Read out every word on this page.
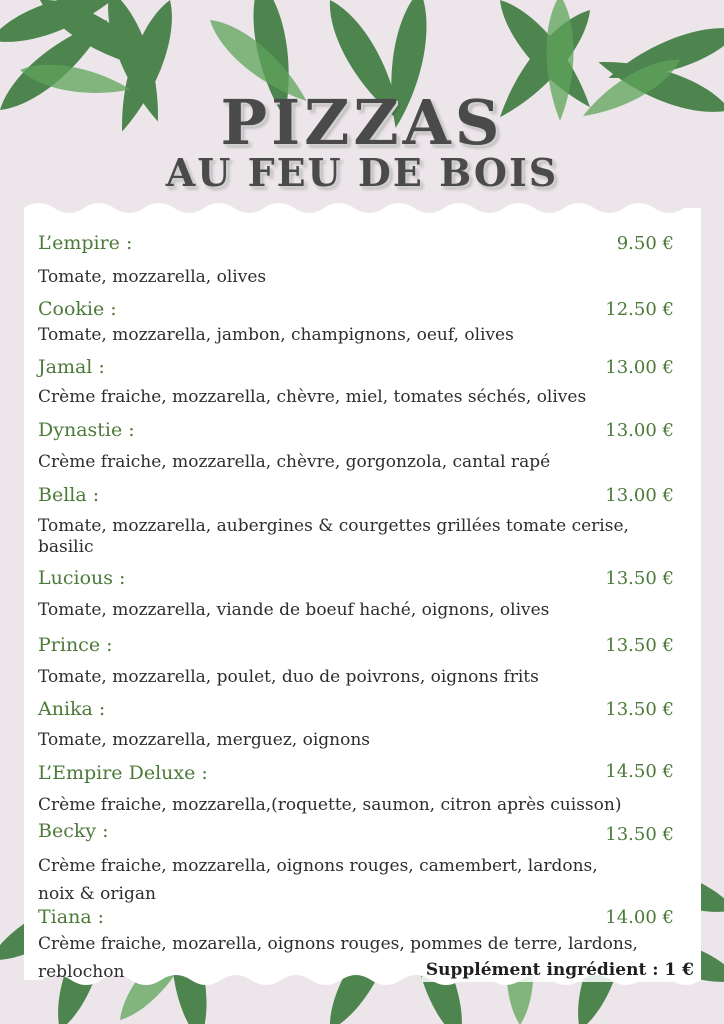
PIZZAS
AU FEU DE BOIS
L’empire :	9.50 €
Tomate, mozzarella, olives
Cookie :	12.50 €
Tomate, mozzarella, jambon, champignons, oeuf, olives
Jamal :	13.00 €
Crème fraiche, mozzarella, chèvre, miel, tomates séchés, olives
Dynastie :	13.00 €
Crème fraiche, mozzarella, chèvre, gorgonzola, cantal rapé
Bella :	13.00 €
Tomate, mozzarella, aubergines & courgettes grillées tomate cerise, basilic
Lucious :	13.50 €
Tomate, mozzarella, viande de boeuf haché, oignons, olives
Prince :	13.50 €
Tomate, mozzarella, poulet, duo de poivrons, oignons frits
Anika :	13.50 €
Tomate, mozzarella, merguez, oignons
L’Empire Deluxe :	14.50 €
Crème fraiche, mozzarella,(roquette, saumon, citron après cuisson)
Becky :	13.50 €
Crème fraiche, mozzarella, oignons rouges, camembert, lardons, noix & origan
Tiana :	14.00 €
Crème fraiche, mozarella, oignons rouges, pommes de terre, lardons, reblochon	Supplément ingrédient : 1 €
